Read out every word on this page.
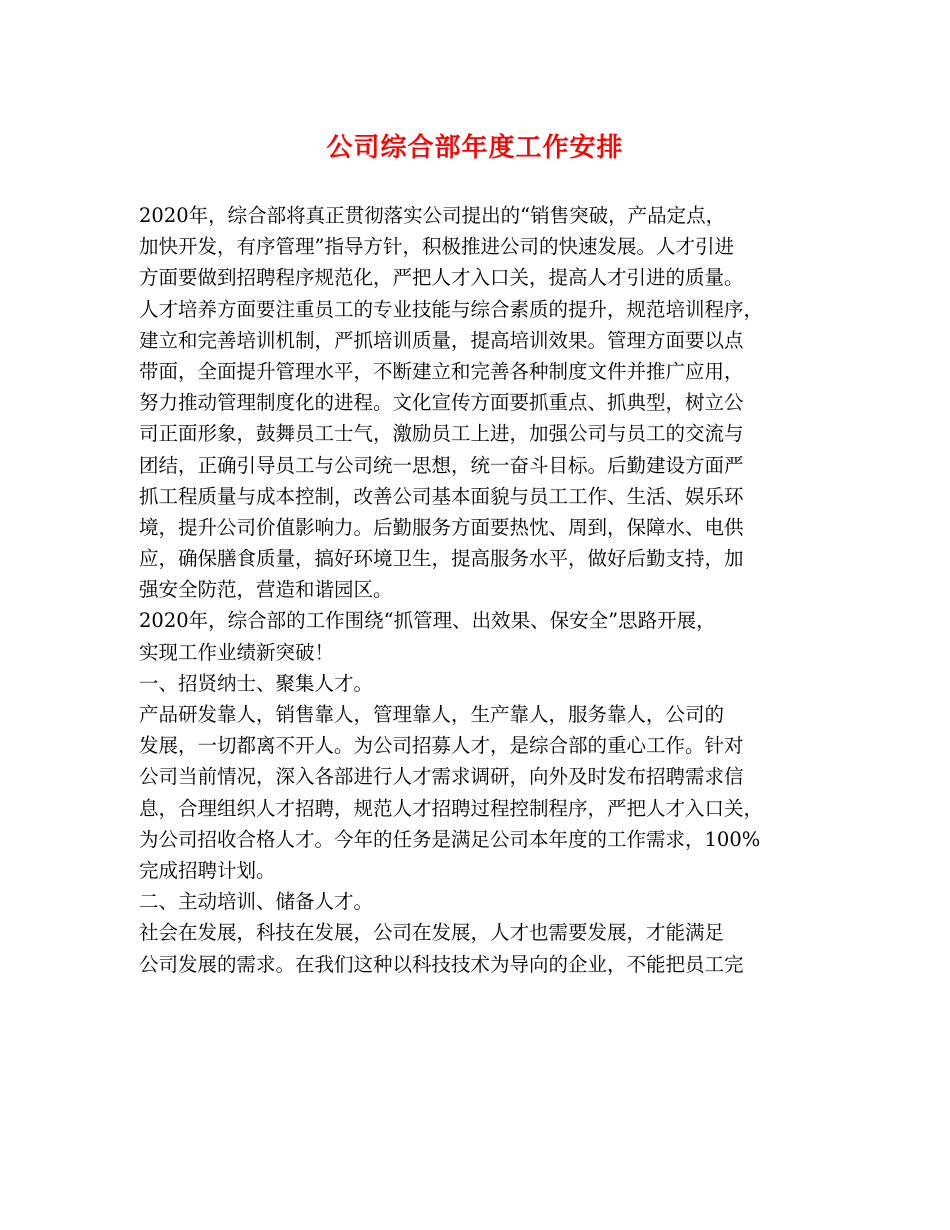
公司综合部年度工作安排
2020年，综合部将真正贯彻落实公司提出的“销售突破，产品定点，
加快开发，有序管理”指导方针，积极推进公司的快速发展。人才引进
方面要做到招聘程序规范化，严把人才入口关，提高人才引进的质量。
人才培养方面要注重员工的专业技能与综合素质的提升，规范培训程序，
建立和完善培训机制，严抓培训质量，提高培训效果。管理方面要以点
带面，全面提升管理水平，不断建立和完善各种制度文件并推广应用，
努力推动管理制度化的进程。文化宣传方面要抓重点、抓典型，树立公
司正面形象，鼓舞员工士气，激励员工上进，加强公司与员工的交流与
团结，正确引导员工与公司统一思想，统一奋斗目标。后勤建设方面严
抓工程质量与成本控制，改善公司基本面貌与员工工作、生活、娱乐环
境，提升公司价值影响力。后勤服务方面要热忱、周到，保障水、电供
应，确保膳食质量，搞好环境卫生，提高服务水平，做好后勤支持，加
强安全防范，营造和谐园区。
2020年，综合部的工作围绕“抓管理、出效果、保安全”思路开展，
实现工作业绩新突破！
一、招贤纳士、聚集人才。
产品研发靠人，销售靠人，管理靠人，生产靠人，服务靠人，公司的
发展，一切都离不开人。为公司招募人才，是综合部的重心工作。针对
公司当前情况，深入各部进行人才需求调研，向外及时发布招聘需求信
息，合理组织人才招聘，规范人才招聘过程控制程序，严把人才入口关，
为公司招收合格人才。今年的任务是满足公司本年度的工作需求，100%
完成招聘计划。
二、主动培训、储备人才。
社会在发展，科技在发展，公司在发展，人才也需要发展，才能满足
公司发展的需求。在我们这种以科技技术为导向的企业，不能把员工完
